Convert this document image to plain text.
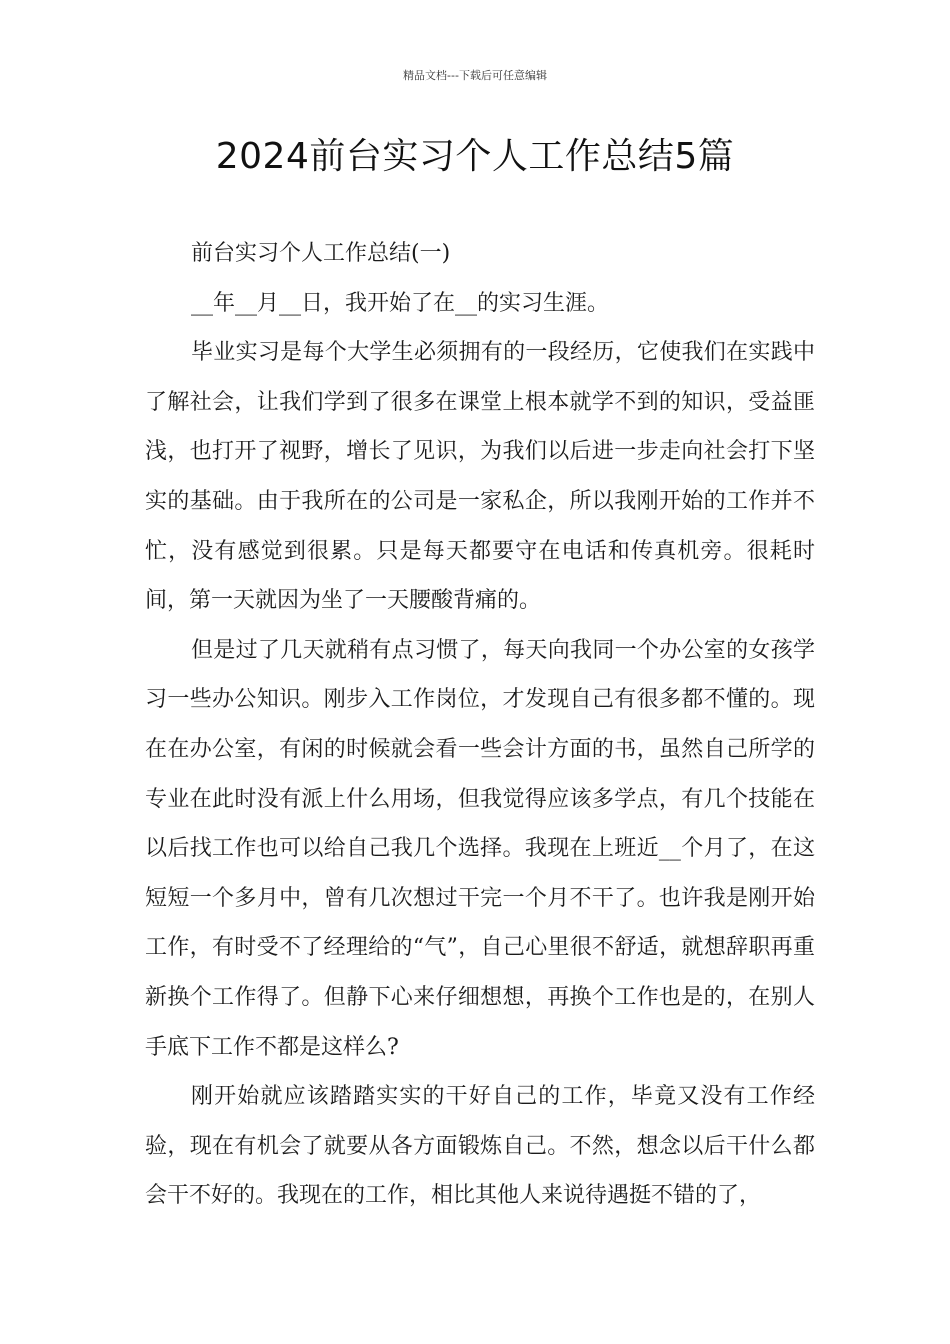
精品文档---下载后可任意编辑
2024前台实习个人工作总结5篇

前台实习个人工作总结(一)

__年__月__日，我开始了在__的实习生涯。

毕业实习是每个大学生必须拥有的一段经历，它使我们在实践中了解社会，让我们学到了很多在课堂上根本就学不到的知识，受益匪浅，也打开了视野，增长了见识，为我们以后进一步走向社会打下坚实的基础。由于我所在的公司是一家私企，所以我刚开始的工作并不忙，没有感觉到很累。只是每天都要守在电话和传真机旁。很耗时间，第一天就因为坐了一天腰酸背痛的。

但是过了几天就稍有点习惯了，每天向我同一个办公室的女孩学习一些办公知识。刚步入工作岗位，才发现自己有很多都不懂的。现在在办公室，有闲的时候就会看一些会计方面的书，虽然自己所学的专业在此时没有派上什么用场，但我觉得应该多学点，有几个技能在以后找工作也可以给自己我几个选择。我现在上班近__个月了，在这短短一个多月中，曾有几次想过干完一个月不干了。也许我是刚开始工作，有时受不了经理给的“气”，自己心里很不舒适，就想辞职再重新换个工作得了。但静下心来仔细想想，再换个工作也是的，在别人手底下工作不都是这样么?

刚开始就应该踏踏实实的干好自己的工作，毕竟又没有工作经验，现在有机会了就要从各方面锻炼自己。不然，想念以后干什么都会干不好的。我现在的工作，相比其他人来说待遇挺不错的了，
